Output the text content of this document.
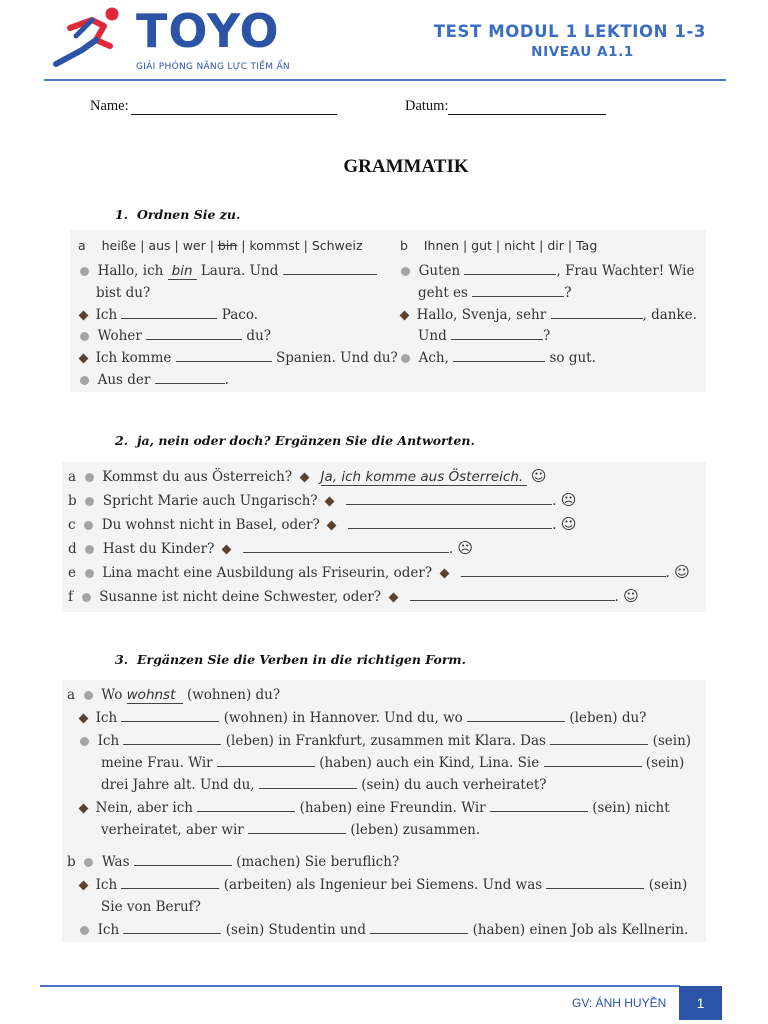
TOYO
GIẢI PHÓNG NĂNG LỰC TIỀM ẨN
TEST MODUL 1 LEKTION 1-3
NIVEAU A1.1
Name:	Datum:
GRAMMATIK
1. Ordnen Sie zu.
a heiße | aus | wer | bin | kommst | Schweiz
Hallo, ich bin Laura. Und
bist du?
Ich	Paco.
Woher	du?
Ich komme	Spanien. Und du?
Aus der	.
b Ihnen | gut | nicht | dir | Tag
Guten	, Frau Wachter! Wie
geht es	?
Hallo, Svenja, sehr	, danke.
Und	?
Ach,	so gut.
2. ja, nein oder doch? Ergänzen Sie die Antworten.
a Kommst du aus Österreich? Ja, ich komme aus Österreich. ☺
b Spricht Marie auch Ungarisch?	. ☹
c Du wohnst nicht in Basel, oder?	. ☺
d Hast du Kinder?	. ☹
e Lina macht eine Ausbildung als Friseurin, oder?	. ☺
f Susanne ist nicht deine Schwester, oder?	. ☺
3. Ergänzen Sie die Verben in die richtigen Form.
a Wo wohnst (wohnen) du?
Ich	(wohnen) in Hannover. Und du, wo	(leben) du?
Ich	(leben) in Frankfurt, zusammen mit Klara. Das	(sein)
meine Frau. Wir	(haben) auch ein Kind, Lina. Sie	(sein)
drei Jahre alt. Und du,	(sein) du auch verheiratet?
Nein, aber ich	(haben) eine Freundin. Wir	(sein) nicht
verheiratet, aber wir	(leben) zusammen.
b Was	(machen) Sie beruflich?
Ich	(arbeiten) als Ingenieur bei Siemens. Und was	(sein)
Sie von Beruf?
Ich	(sein) Studentin und	(haben) einen Job als Kellnerin.
GV: ÁNH HUYỀN	1
